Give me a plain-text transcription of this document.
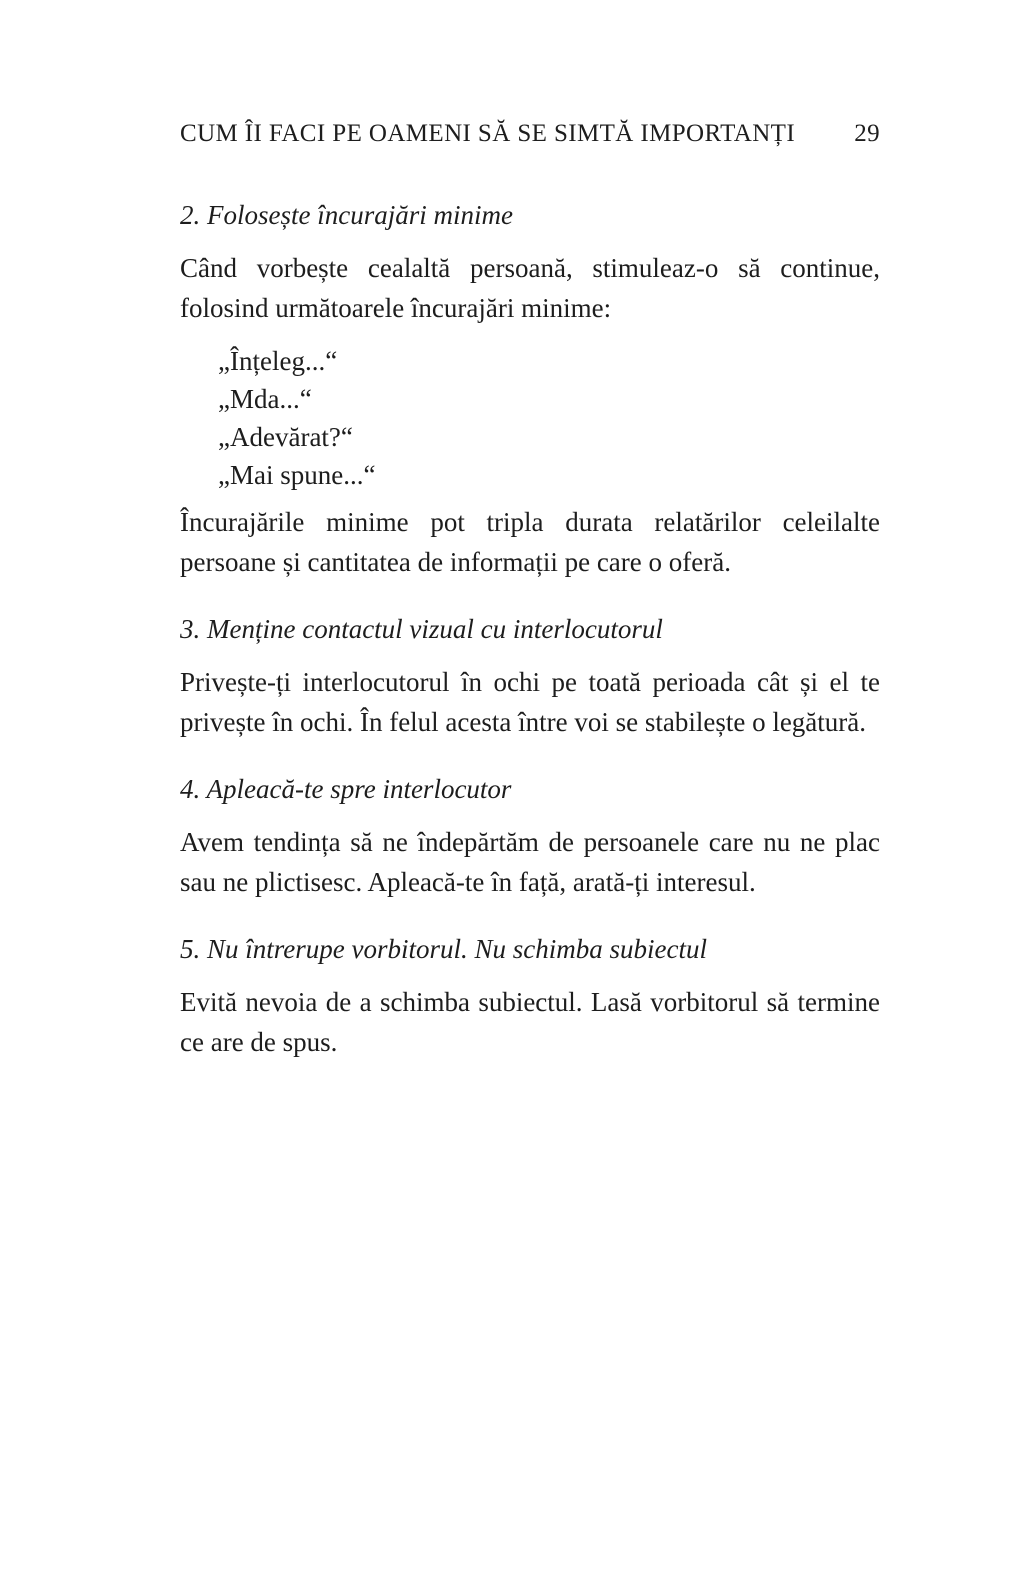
CUM ÎI FACI PE OAMENI SĂ SE SIMTĂ IMPORTANȚI 29
2. Folosește încurajări minime

Când vorbește cealaltă persoană, stimuleaz-o să continue, folosind următoarele încurajări minime:

„Înțeleg...“
„Mda...“
„Adevărat?“
„Mai spune...“

Încurajările minime pot tripla durata relatărilor celeilalte persoane și cantitatea de informații pe care o oferă.

3. Menține contactul vizual cu interlocutorul

Privește-ți interlocutorul în ochi pe toată perioada cât și el te privește în ochi. În felul acesta între voi se stabilește o legătură.

4. Apleacă-te spre interlocutor

Avem tendința să ne îndepărtăm de persoanele care nu ne plac sau ne plictisesc. Apleacă-te în față, arată-ți interesul.

5. Nu întrerupe vorbitorul. Nu schimba subiectul

Evită nevoia de a schimba subiectul. Lasă vorbitorul să termine ce are de spus.
